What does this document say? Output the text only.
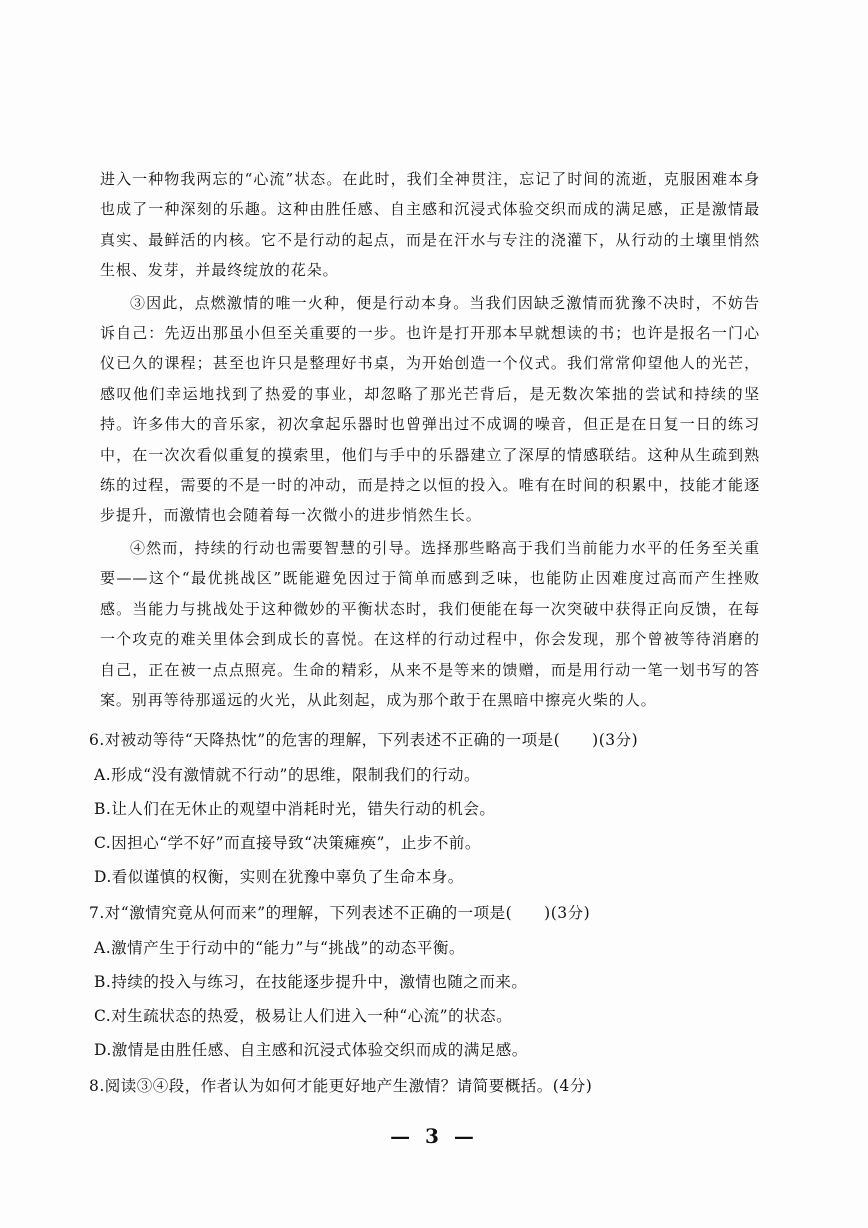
进入一种物我两忘的“心流”状态。在此时，我们全神贯注，忘记了时间的流逝，克服困难本身也成了一种深刻的乐趣。这种由胜任感、自主感和沉浸式体验交织而成的满足感，正是激情最真实、最鲜活的内核。它不是行动的起点，而是在汗水与专注的浇灌下，从行动的土壤里悄然生根、发芽，并最终绽放的花朵。

③因此，点燃激情的唯一火种，便是行动本身。当我们因缺乏激情而犹豫不决时，不妨告诉自己：先迈出那虽小但至关重要的一步。也许是打开那本早就想读的书；也许是报名一门心仪已久的课程；甚至也许只是整理好书桌，为开始创造一个仪式。我们常常仰望他人的光芒，感叹他们幸运地找到了热爱的事业，却忽略了那光芒背后，是无数次笨拙的尝试和持续的坚持。许多伟大的音乐家，初次拿起乐器时也曾弹出过不成调的噪音，但正是在日复一日的练习中，在一次次看似重复的摸索里，他们与手中的乐器建立了深厚的情感联结。这种从生疏到熟练的过程，需要的不是一时的冲动，而是持之以恒的投入。唯有在时间的积累中，技能才能逐步提升，而激情也会随着每一次微小的进步悄然生长。

④然而，持续的行动也需要智慧的引导。选择那些略高于我们当前能力水平的任务至关重要——这个“最优挑战区”既能避免因过于简单而感到乏味，也能防止因难度过高而产生挫败感。当能力与挑战处于这种微妙的平衡状态时，我们便能在每一次突破中获得正向反馈，在每一个攻克的难关里体会到成长的喜悦。在这样的行动过程中，你会发现，那个曾被等待消磨的自己，正在被一点点照亮。生命的精彩，从来不是等来的馈赠，而是用行动一笔一划书写的答案。别再等待那遥远的火光，从此刻起，成为那个敢于在黑暗中擦亮火柴的人。

6.对被动等待“天降热忱”的危害的理解，下列表述不正确的一项是(　　)(3分)

A.形成“没有激情就不行动”的思维，限制我们的行动。

B.让人们在无休止的观望中消耗时光，错失行动的机会。

C.因担心“学不好”而直接导致“决策瘫痪”，止步不前。

D.看似谨慎的权衡，实则在犹豫中辜负了生命本身。

7.对“激情究竟从何而来”的理解，下列表述不正确的一项是(　　)(3分)

A.激情产生于行动中的“能力”与“挑战”的动态平衡。

B.持续的投入与练习，在技能逐步提升中，激情也随之而来。

C.对生疏状态的热爱，极易让人们进入一种“心流”的状态。

D.激情是由胜任感、自主感和沉浸式体验交织而成的满足感。

8.阅读③④段，作者认为如何才能更好地产生激情？请简要概括。(4分)

— 3 —
